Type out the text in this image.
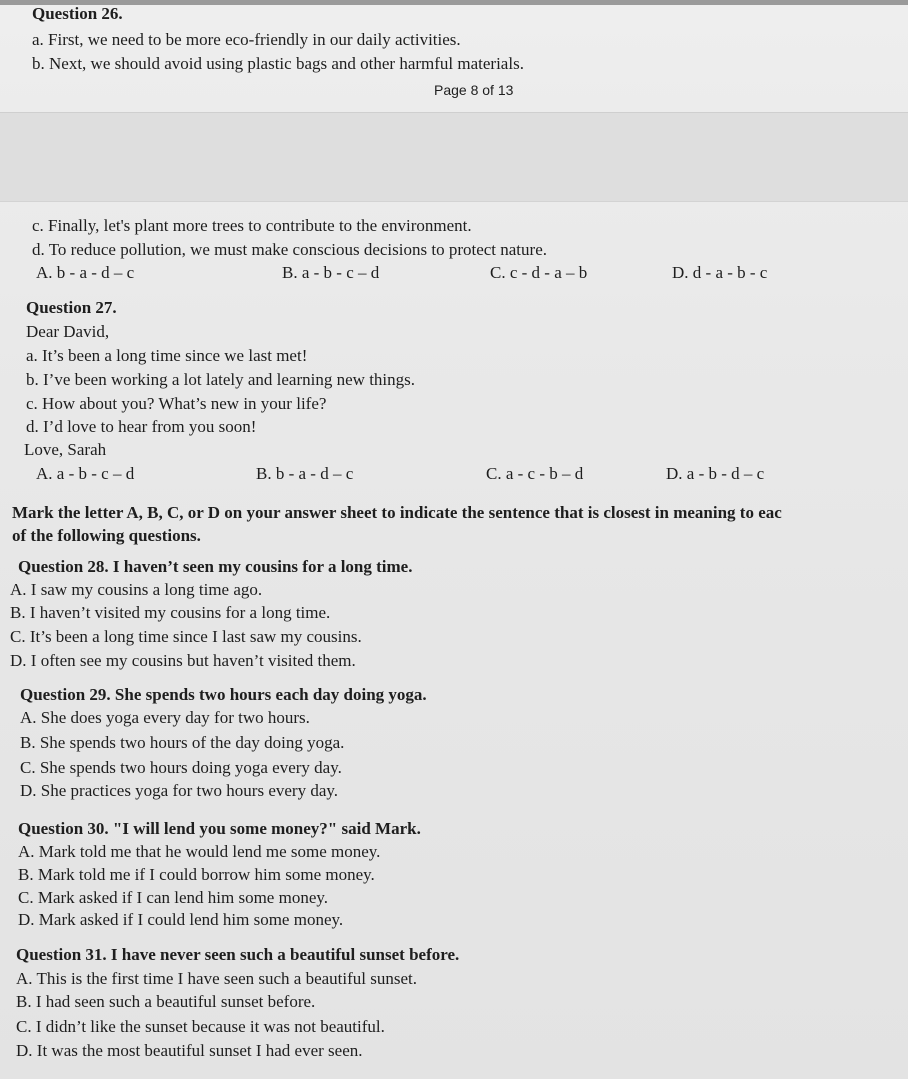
Question 26.
a. First, we need to be more eco-friendly in our daily activities.
b. Next, we should avoid using plastic bags and other harmful materials.
Page 8 of 13
c. Finally, let's plant more trees to contribute to the environment.
d. To reduce pollution, we must make conscious decisions to protect nature.
A. b - a - d – c	B. a - b - c – d	C. c - d - a – b	D. d - a - b - c
Question 27.
Dear David,
a. It’s been a long time since we last met!
b. I’ve been working a lot lately and learning new things.
c. How about you? What’s new in your life?
d. I’d love to hear from you soon!
Love, Sarah
A. a - b - c – d	B. b - a - d – c	C. a - c - b – d	D. a - b - d – c
Mark the letter A, B, C, or D on your answer sheet to indicate the sentence that is closest in meaning to eac
of the following questions.
Question 28. I haven’t seen my cousins for a long time.
A. I saw my cousins a long time ago.
B. I haven’t visited my cousins for a long time.
C. It’s been a long time since I last saw my cousins.
D. I often see my cousins but haven’t visited them.
Question 29. She spends two hours each day doing yoga.
A. She does yoga every day for two hours.
B. She spends two hours of the day doing yoga.
C. She spends two hours doing yoga every day.
D. She practices yoga for two hours every day.
Question 30. "I will lend you some money?" said Mark.
A. Mark told me that he would lend me some money.
B. Mark told me if I could borrow him some money.
C. Mark asked if I can lend him some money.
D. Mark asked if I could lend him some money.
Question 31. I have never seen such a beautiful sunset before.
A. This is the first time I have seen such a beautiful sunset.
B. I had seen such a beautiful sunset before.
C. I didn’t like the sunset because it was not beautiful.
D. It was the most beautiful sunset I had ever seen.
